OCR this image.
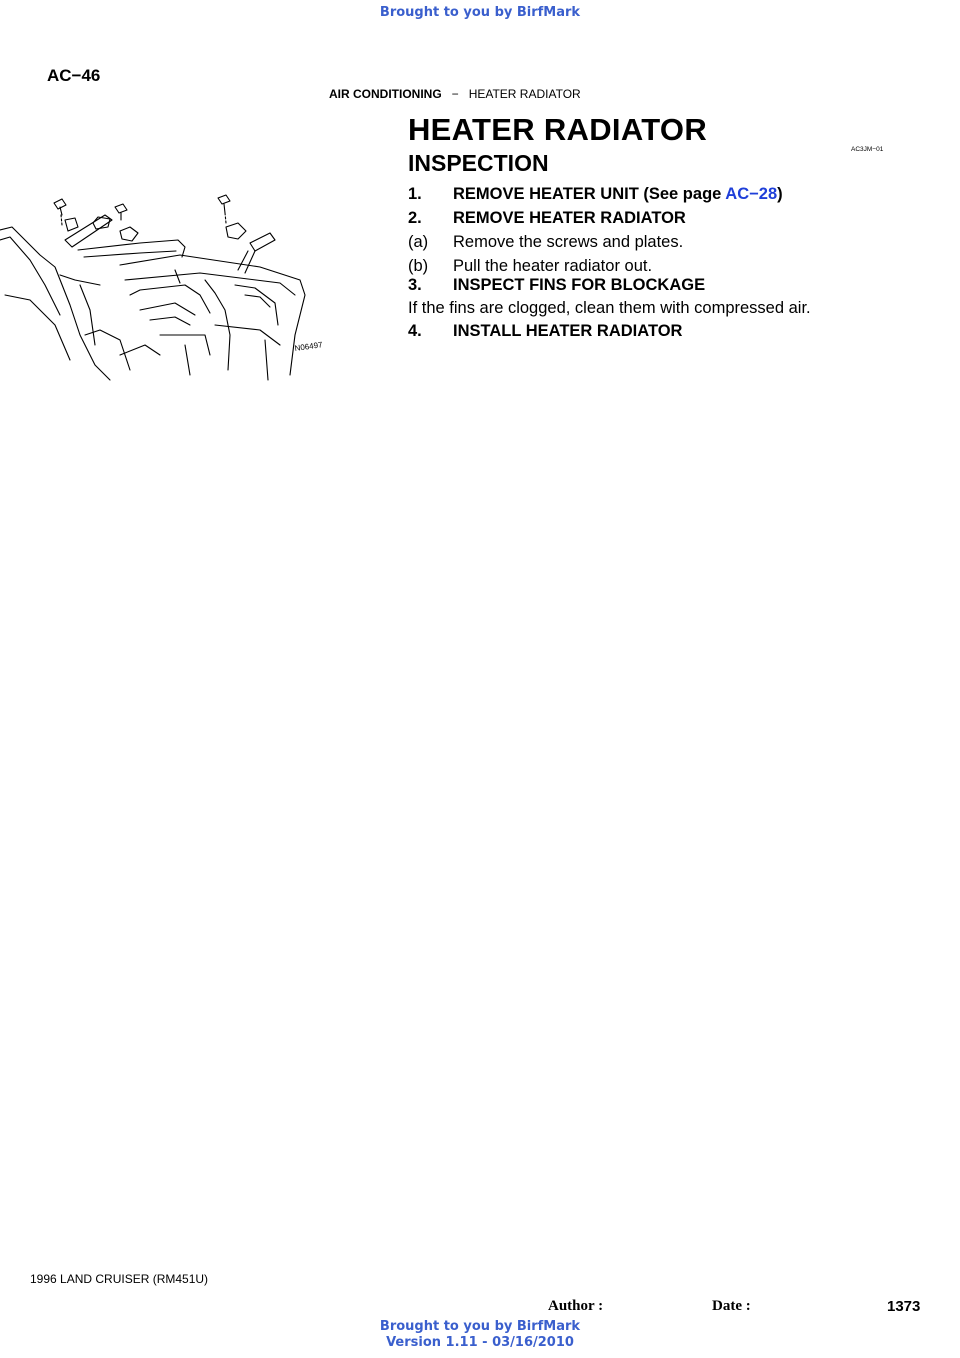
Brought to you by BirfMark
AC−46
AIR CONDITIONING − HEATER RADIATOR
HEATER RADIATOR
AC3JM−01
INSPECTION
1. REMOVE HEATER UNIT (See page AC−28)
2. REMOVE HEATER RADIATOR
(a) Remove the screws and plates.
(b) Pull the heater radiator out.
3. INSPECT FINS FOR BLOCKAGE
If the fins are clogged, clean them with compressed air.
4. INSTALL HEATER RADIATOR
N06497
1996 LAND CRUISER (RM451U)
Author :	Date :	1373
Brought to you by BirfMark
Version 1.11 - 03/16/2010
